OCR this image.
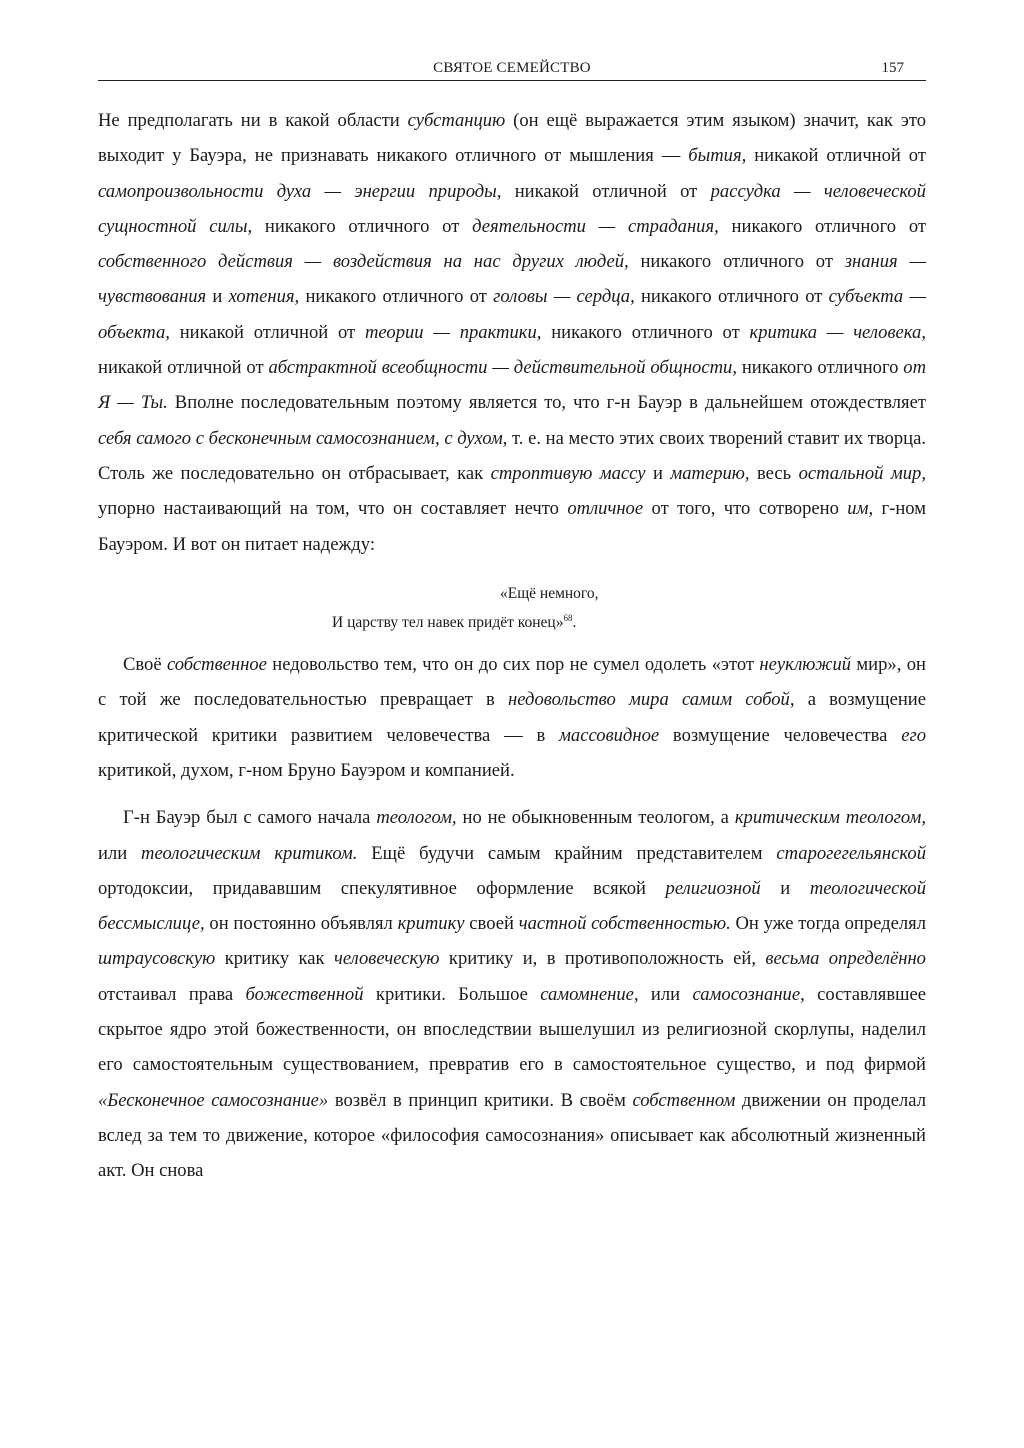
СВЯТОЕ СЕМЕЙСТВО	157

Не предполагать ни в какой области субстанцию (он ещё выражается этим языком) значит, как это выходит у Бауэра, не признавать никакого отличного от мышления — бытия, никакой отличной от самопроизвольности духа — энергии природы, никакой отличной от рассудка — человеческой сущностной силы, никакого отличного от деятельности — страдания, никакого отличного от собственного действия — воздействия на нас других людей, никакого отличного от знания — чувствования и хотения, никакого отличного от головы — сердца, никакого отличного от субъекта — объекта, никакой отличной от теории — практики, никакого отличного от критика — человека, никакой отличной от абстрактной всеобщности — действительной общности, никакого отличного от Я — Ты. Вполне последовательным поэтому является то, что г-н Бауэр в дальнейшем отождествляет себя самого с бесконечным самосознанием, с духом, т. е. на место этих своих творений ставит их творца. Столь же последовательно он отбрасывает, как строптивую массу и материю, весь остальной мир, упорно настаивающий на том, что он составляет нечто отличное от того, что сотворено им, г-ном Бауэром. И вот он питает надежду:

«Ещё немного,
И царству тел навек придёт конец»$^{68}$.

Своё собственное недовольство тем, что он до сих пор не сумел одолеть «этот неуклюжий мир», он с той же последовательностью превращает в недовольство мира самим собой, а возмущение критической критики развитием человечества — в массовидное возмущение человечества его критикой, духом, г-ном Бруно Бауэром и компанией.

Г-н Бауэр был с самого начала теологом, но не обыкновенным теологом, а критическим теологом, или теологическим критиком. Ещё будучи самым крайним представителем старогегельянской ортодоксии, придававшим спекулятивное оформление всякой религиозной и теологической бессмыслице, он постоянно объявлял критику своей частной собственностью. Он уже тогда определял штраусовскую критику как человеческую критику и, в противоположность ей, весьма определённо отстаивал права божественной критики. Большое самомнение, или самосознание, составлявшее скрытое ядро этой божественности, он впоследствии вышелушил из религиозной скорлупы, наделил его самостоятельным существованием, превратив его в самостоятельное существо, и под фирмой «Бесконечное самосознание» возвёл в принцип критики. В своём собственном движении он проделал вслед за тем то движение, которое «философия самосознания» описывает как абсолютный жизненный акт. Он снова
